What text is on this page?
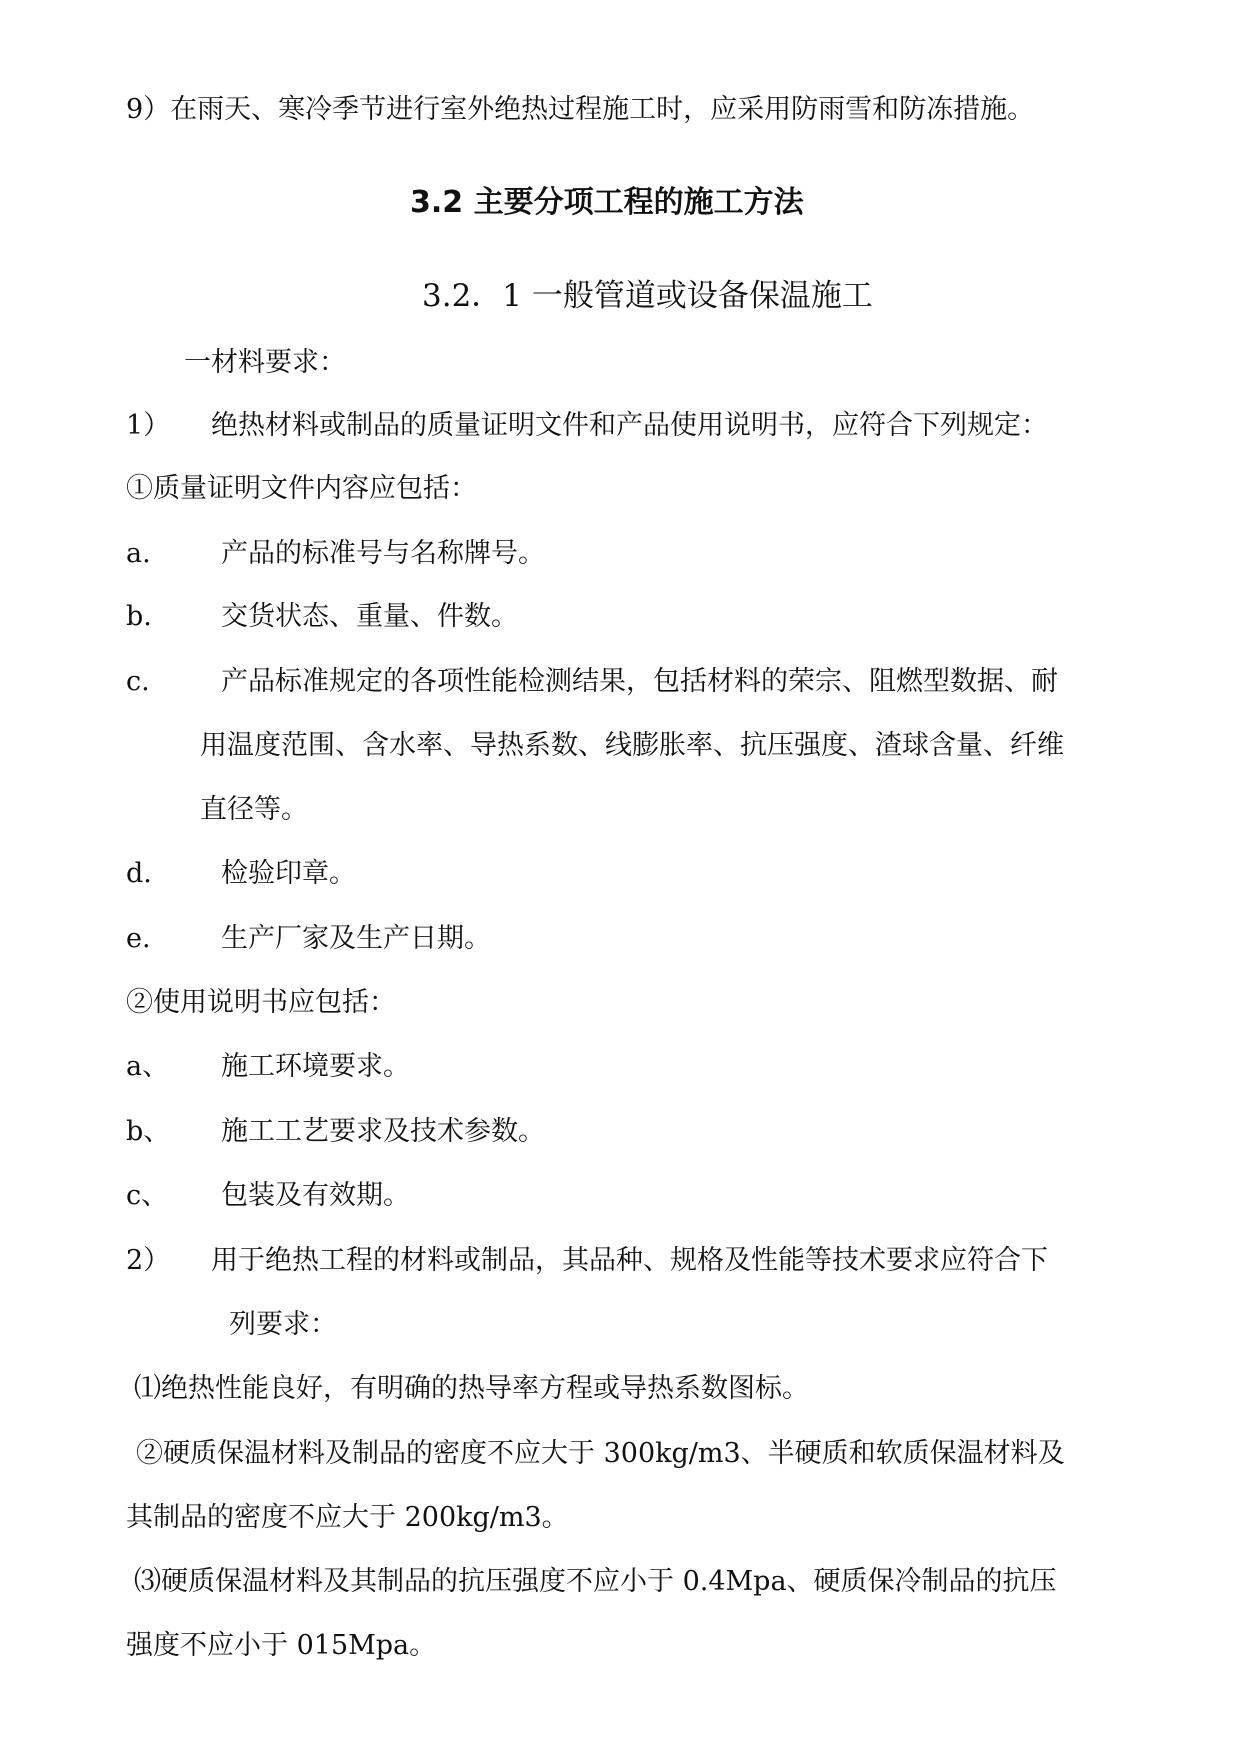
9）在雨天、寒冷季节进行室外绝热过程施工时，应采用防雨雪和防冻措施。
3.2 主要分项工程的施工方法
3.2．1 一般管道或设备保温施工
一材料要求：
1） 绝热材料或制品的质量证明文件和产品使用说明书，应符合下列规定：
①质量证明文件内容应包括：
a.	产品的标准号与名称牌号。
b.	交货状态、重量、件数。
c.	产品标准规定的各项性能检测结果，包括材料的荣宗、阻燃型数据、耐
用温度范围、含水率、导热系数、线膨胀率、抗压强度、渣球含量、纤维
直径等。
d.	检验印章。
e.	生产厂家及生产日期。
②使用说明书应包括：
a、 施工环境要求。
b、 施工工艺要求及技术参数。
c、 包装及有效期。
2） 用于绝热工程的材料或制品，其品种、规格及性能等技术要求应符合下
列要求：
⑴绝热性能良好，有明确的热导率方程或导热系数图标。
②硬质保温材料及制品的密度不应大于 300kg/m3、半硬质和软质保温材料及
其制品的密度不应大于 200kg/m3。
⑶硬质保温材料及其制品的抗压强度不应小于 0.4Mpa、硬质保冷制品的抗压
强度不应小于 015Mpa。
